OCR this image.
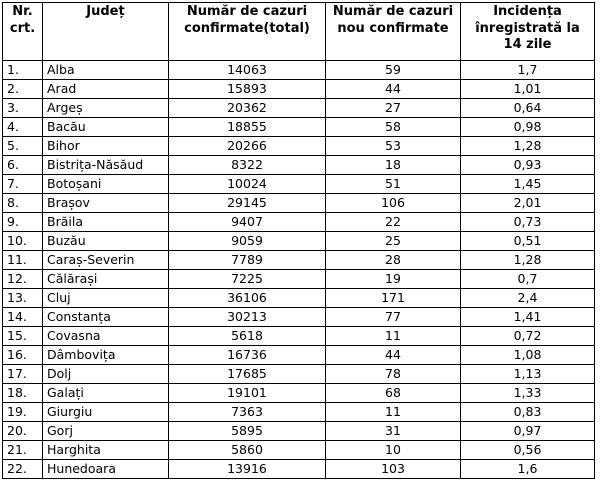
Nr. crt.	Județ	Număr de cazuri confirmate(total)	Număr de cazuri nou confirmate	Incidența înregistrată la 14 zile
1.	Alba	14063	59	1,7
2.	Arad	15893	44	1,01
3.	Argeș	20362	27	0,64
4.	Bacău	18855	58	0,98
5.	Bihor	20266	53	1,28
6.	Bistrița-Năsăud	8322	18	0,93
7.	Botoșani	10024	51	1,45
8.	Brașov	29145	106	2,01
9.	Brăila	9407	22	0,73
10.	Buzău	9059	25	0,51
11.	Caraș-Severin	7789	28	1,28
12.	Călărași	7225	19	0,7
13.	Cluj	36106	171	2,4
14.	Constanța	30213	77	1,41
15.	Covasna	5618	11	0,72
16.	Dâmbovița	16736	44	1,08
17.	Dolj	17685	78	1,13
18.	Galați	19101	68	1,33
19.	Giurgiu	7363	11	0,83
20.	Gorj	5895	31	0,97
21.	Harghita	5860	10	0,56
22.	Hunedoara	13916	103	1,6
